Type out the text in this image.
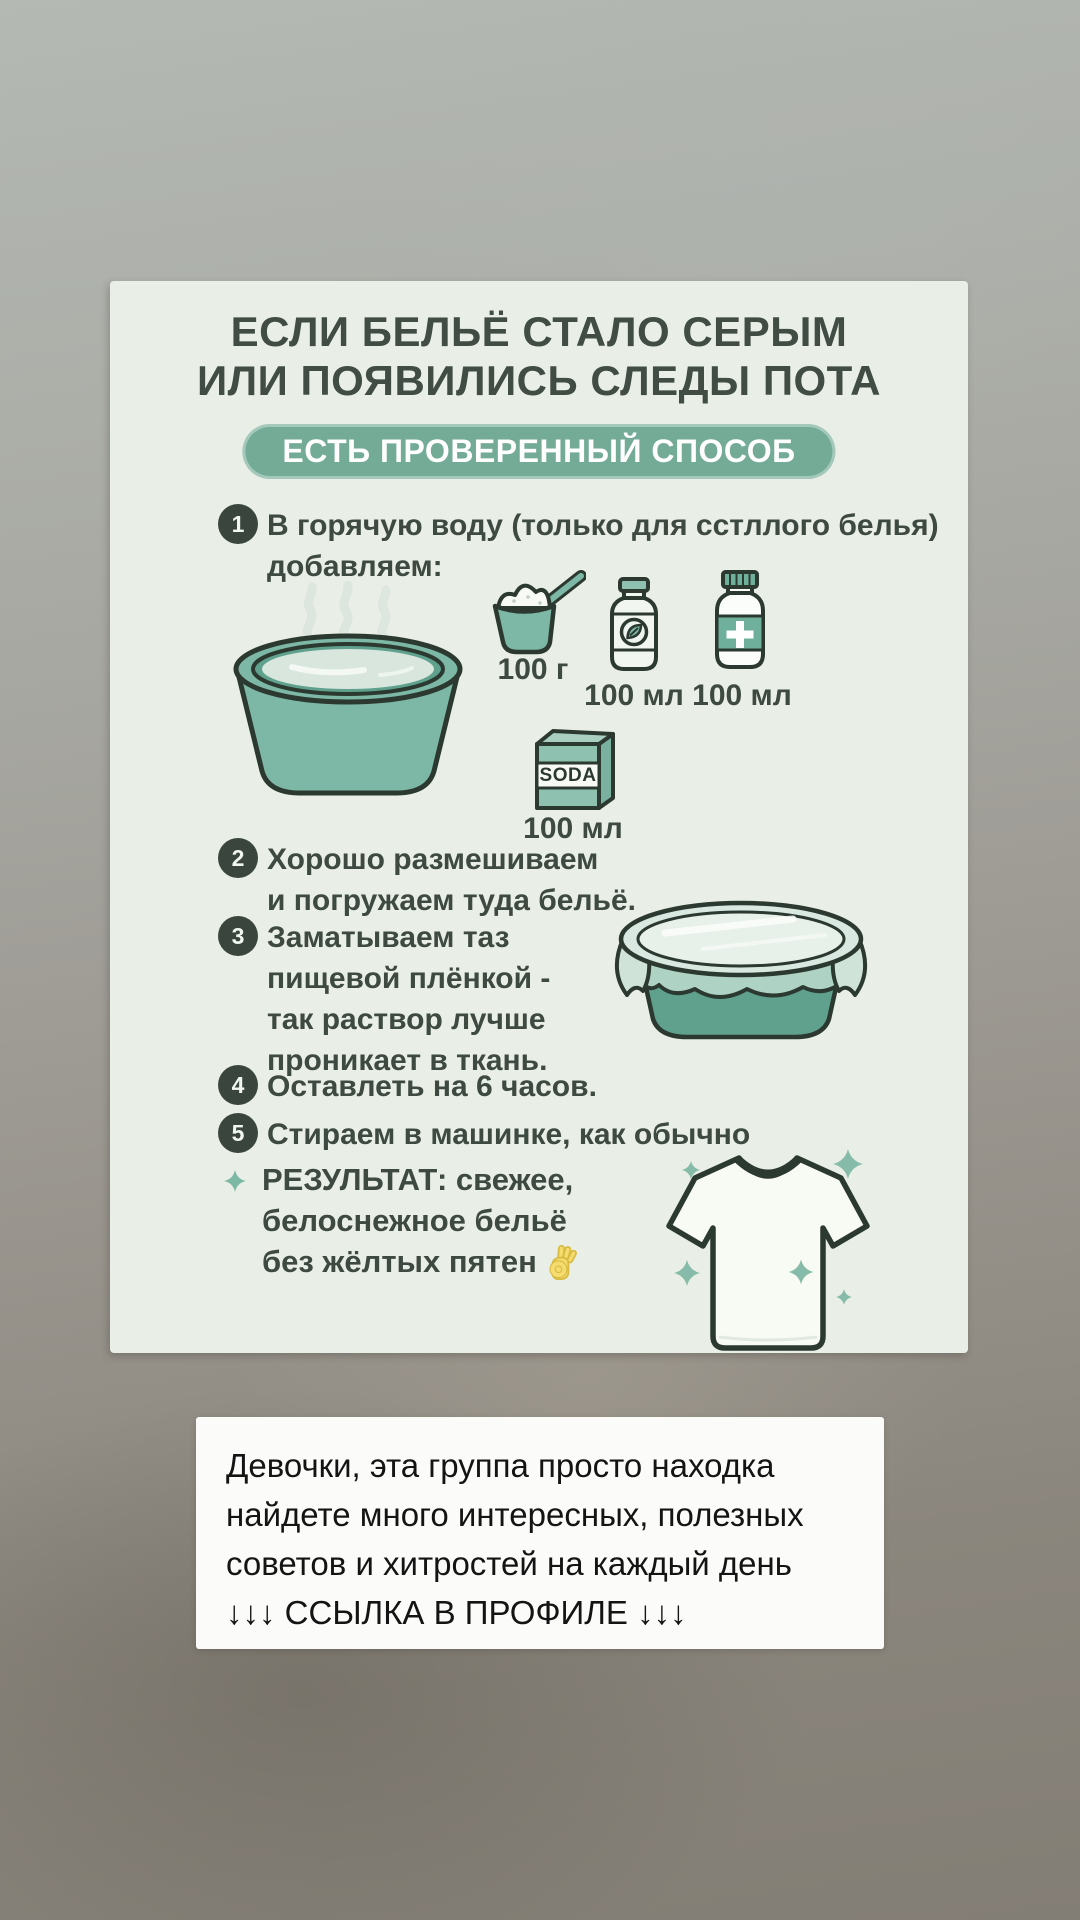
ЕСЛИ БЕЛЬЁ СТАЛО СЕРЫМ
ИЛИ ПОЯВИЛИСЬ СЛЕДЫ ПОТА
ЕСТЬ ПРОВЕРЕННЫЙ СПОСОБ
1 В горячую воду (только для сстллого белья)
добавляем:
100 г
100 мл 100 мл
SODA
100 мл
2 Хорошо размешиваем
и погружаем туда бельё.
3 Заматываем таз
пищевой плёнкой -
так раствор лучше
проникает в ткань.
4 Оставлеть на 6 часов.
5 Стираем в машинке, как обычно
РЕЗУЛЬТАТ: свежее,
белоснежное бельё
без жёлтых пятен
Девочки, эта группа просто находка
найдете много интересных, полезных
советов и хитростей на каждый день
↓↓↓ ССЫЛКА В ПРОФИЛЕ ↓↓↓
